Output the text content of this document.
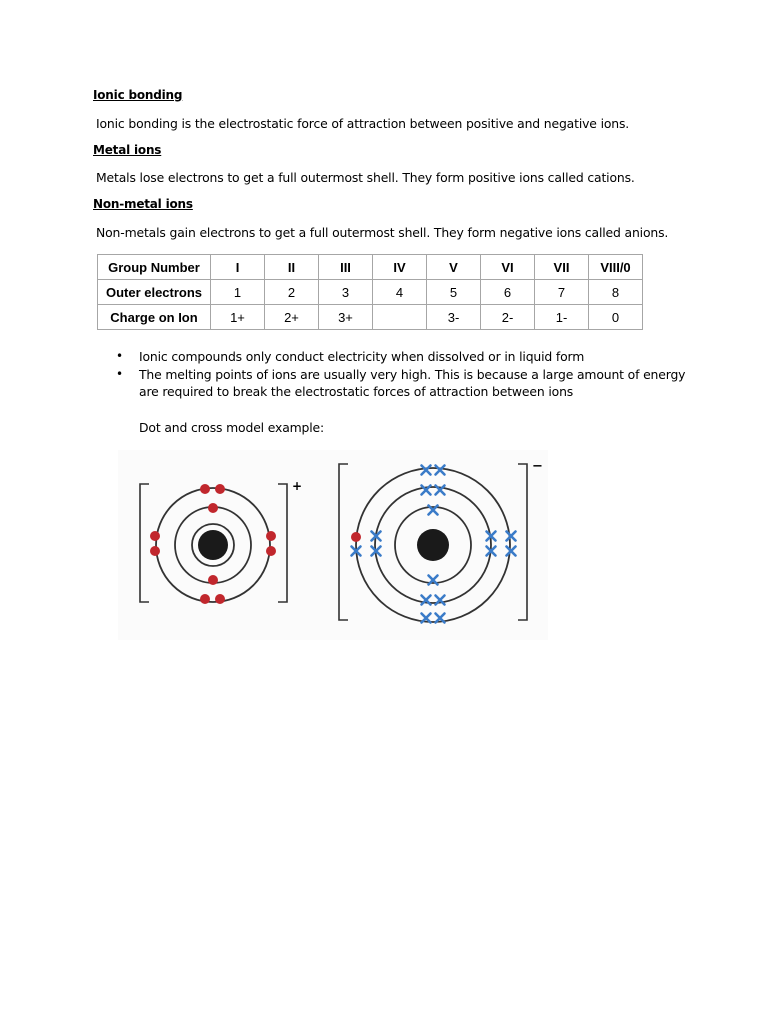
Ionic bonding
Ionic bonding is the electrostatic force of attraction between positive and negative ions.
Metal ions
Metals lose electrons to get a full outermost shell. They form positive ions called cations.
Non-metal ions
Non-metals gain electrons to get a full outermost shell. They form negative ions called anions.
Group Number	I	II	III	IV	V	VI	VII	VIII/0
Outer electrons	1	2	3	4	5	6	7	8
Charge on Ion	1+	2+	3+		3-	2-	1-	0
• Ionic compounds only conduct electricity when dissolved or in liquid form
• The melting points of ions are usually very high. This is because a large amount of energy are required to break the electrostatic forces of attraction between ions
Dot and cross model example:
+
−
